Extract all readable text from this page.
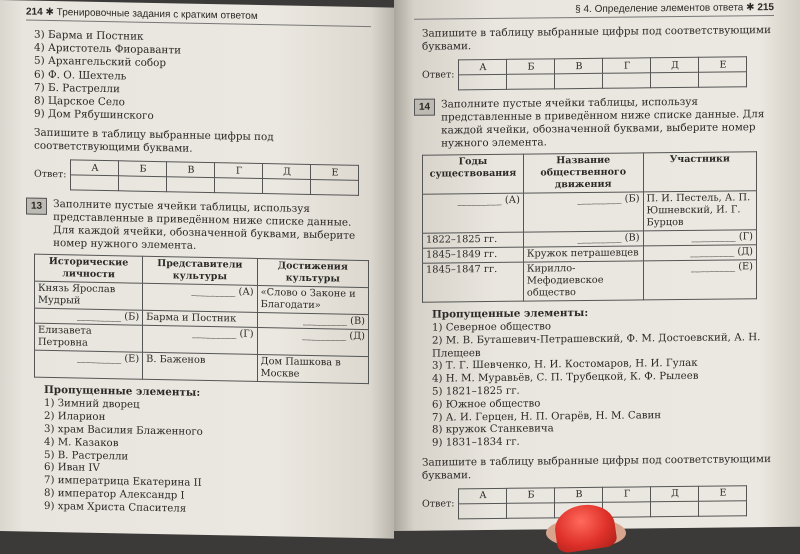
214 ✱ Тренировочные задания с кратким ответом
3) Барма и Постник
4) Аристотель Фиораванти
5) Архангельский собор
6) Ф. О. Шехтель
7) Б. Растрелли
8) Царское Село
9) Дом Рябушинского
Запишите в таблицу выбранные цифры под соответствующими буквами.
Ответ:	А	Б	В	Г	Д	Е

13	Заполните пустые ячейки таблицы, используя представленные в приведённом ниже списке данные. Для каждой ячейки, обозначенной буквами, выберите номер нужного элемента.
Исторические личности	Представители культуры	Достижения культуры
Князь Ярослав Мудрый	_________ (А)	«Слово о Законе и Благодати»
_________ (Б)	Барма и Постник	_________ (В)
Елизавета Петровна	_________ (Г)	_________ (Д)
_________ (Е)	В. Баженов	Дом Пашкова в Москве
Пропущенные элементы:
1) Зимний дворец
2) Иларион
3) храм Василия Блаженного
4) М. Казаков
5) В. Растрелли
6) Иван IV
7) императрица Екатерина II
8) император Александр I
9) храм Христа Спасителя
§ 4. Определение элементов ответа ✱ 215
Запишите в таблицу выбранные цифры под соответствующими буквами.
Ответ:	А	Б	В	Г	Д	Е

14	Заполните пустые ячейки таблицы, используя представленные в приведённом ниже списке данные. Для каждой ячейки, обозначенной буквами, выберите номер нужного элемента.
Годы существования	Название общественного движения	Участники
_________ (А)	_________ (Б)	П. И. Пестель, А. П. Юшневский, И. Г. Бурцов
1822–1825 гг.	_________ (В)	_________ (Г)
1845–1849 гг.	Кружок петрашевцев	_________ (Д)
1845–1847 гг.	Кирилло-Мефодиевское общество	_________ (Е)
Пропущенные элементы:
1) Северное общество
2) М. В. Буташевич-Петрашевский, Ф. М. Достоевский, А. Н. Плещеев
3) Т. Г. Шевченко, Н. И. Костомаров, Н. И. Гулак
4) Н. М. Муравьёв, С. П. Трубецкой, К. Ф. Рылеев
5) 1821–1825 гг.
6) Южное общество
7) А. И. Герцен, Н. П. Огарёв, Н. М. Савин
8) кружок Станкевича
9) 1831–1834 гг.
Запишите в таблицу выбранные цифры под соответствующими буквами.
Ответ:	А	Б	В	Г	Д	Е
